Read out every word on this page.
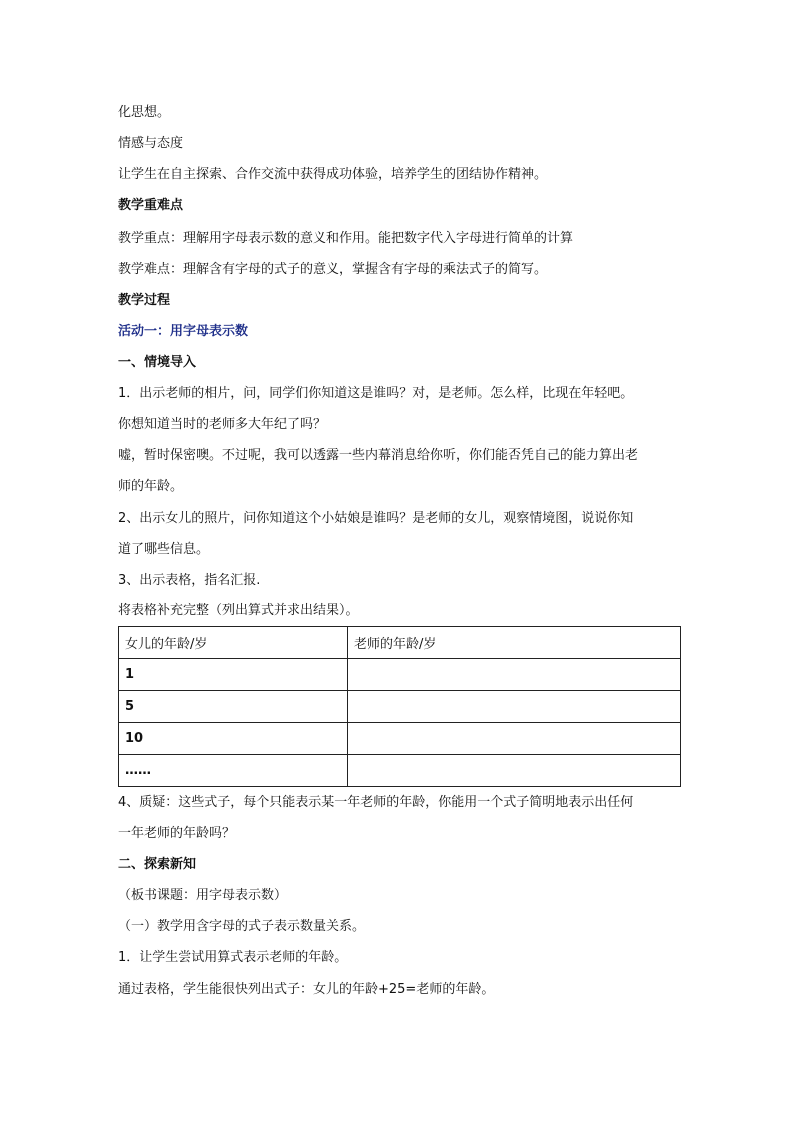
化思想。
情感与态度
让学生在自主探索、合作交流中获得成功体验，培养学生的团结协作精神。
教学重难点
教学重点：理解用字母表示数的意义和作用。能把数字代入字母进行简单的计算
教学难点：理解含有字母的式子的意义，掌握含有字母的乘法式子的简写。
教学过程
活动一：用字母表示数
一、情境导入
1．出示老师的相片，问，同学们你知道这是谁吗？对，是老师。怎么样，比现在年轻吧。
你想知道当时的老师多大年纪了吗？
嘘，暂时保密噢。不过呢，我可以透露一些内幕消息给你听，你们能否凭自己的能力算出老
师的年龄。
2、出示女儿的照片，问你知道这个小姑娘是谁吗？是老师的女儿，观察情境图，说说你知
道了哪些信息。
3、出示表格，指名汇报.
将表格补充完整（列出算式并求出结果）。
女儿的年龄/岁	老师的年龄/岁
1	
5	
10	
……	
4、质疑：这些式子，每个只能表示某一年老师的年龄，你能用一个式子简明地表示出任何
一年老师的年龄吗？
二、探索新知
（板书课题：用字母表示数）
（一）教学用含字母的式子表示数量关系。
1．让学生尝试用算式表示老师的年龄。
通过表格，学生能很快列出式子：女儿的年龄+25=老师的年龄。
